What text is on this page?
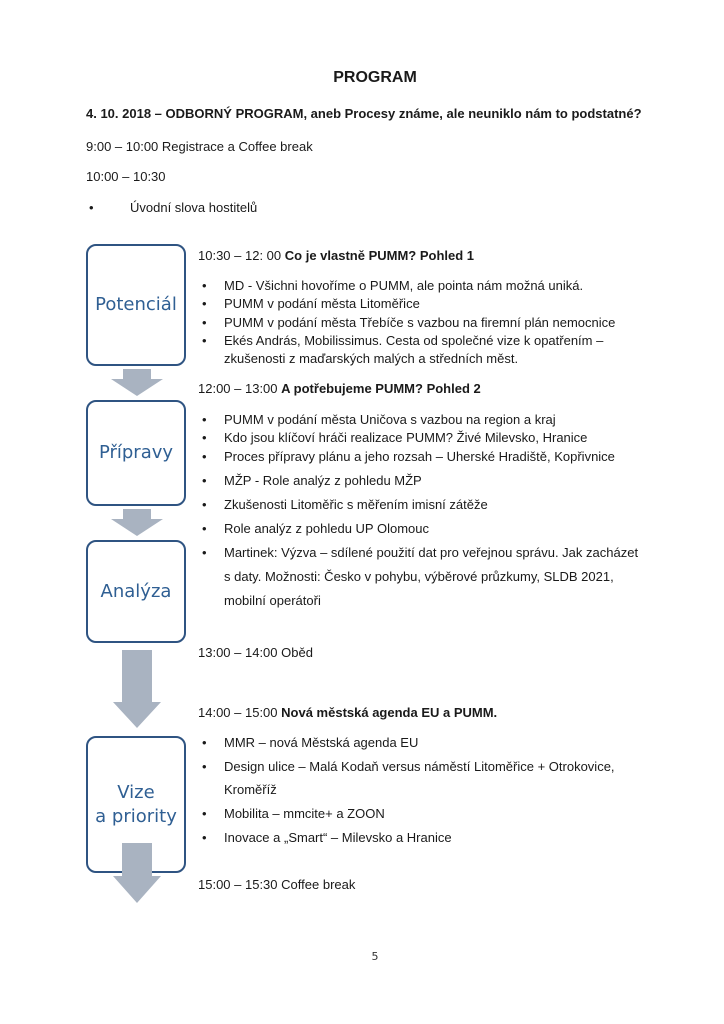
PROGRAM
4. 10. 2018 – ODBORNÝ PROGRAM, aneb Procesy známe, ale neuniklo nám to podstatné?
9:00 – 10:00 Registrace a Coffee break
10:00 – 10:30
•	Úvodní slova hostitelů
Potenciál
Přípravy
Analýza
Vize
a priority
10:30 – 12: 00 Co je vlastně PUMM? Pohled 1
• MD - Všichni hovoříme o PUMM, ale pointa nám možná uniká.
• PUMM v podání města Litoměřice
• PUMM v podání města Třebíče s vazbou na firemní plán nemocnice
• Ekés András, Mobilissimus. Cesta od společné vize k opatřením –
zkušenosti z maďarských malých a středních měst.
12:00 – 13:00 A potřebujeme PUMM? Pohled 2
• PUMM v podání města Uničova s vazbou na region a kraj
• Kdo jsou klíčoví hráči realizace PUMM? Živé Milevsko, Hranice
• Proces přípravy plánu a jeho rozsah – Uherské Hradiště, Kopřivnice
• MŽP - Role analýz z pohledu MŽP
• Zkušenosti Litoměřic s měřením imisní zátěže
• Role analýz z pohledu UP Olomouc
• Martinek: Výzva – sdílené použití dat pro veřejnou správu. Jak zacházet
s daty. Možnosti: Česko v pohybu, výběrové průzkumy, SLDB 2021,
mobilní operátoři
13:00 – 14:00 Oběd
14:00 – 15:00 Nová městská agenda EU a PUMM.
• MMR – nová Městská agenda EU
• Design ulice – Malá Kodaň versus náměstí Litoměřice + Otrokovice,
Kroměříž
• Mobilita – mmcite+ a ZOON
• Inovace a „Smart“ – Milevsko a Hranice
15:00 – 15:30 Coffee break
5
